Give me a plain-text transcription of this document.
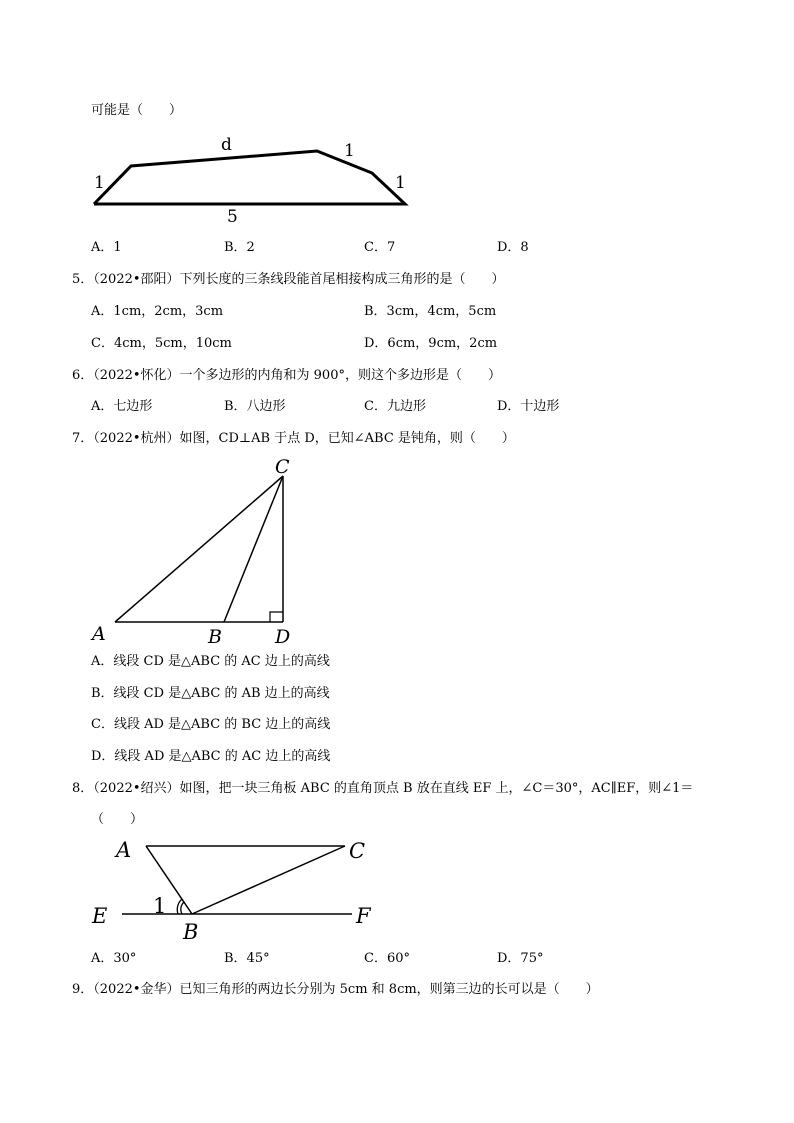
可能是（　　）
d
1
1
1
5
A．1	B．2	C．7	D．8
5．（2022•邵阳）下列长度的三条线段能首尾相接构成三角形的是（　　）
A．1cm，2cm，3cm	B．3cm，4cm，5cm
C．4cm，5cm，10cm	D．6cm，9cm，2cm
6．（2022•怀化）一个多边形的内角和为 900°，则这个多边形是（　　）
A．七边形	B．八边形	C．九边形	D．十边形
7．（2022•杭州）如图，CD⊥AB 于点 D，已知∠ABC 是钝角，则（　　）
C
A	B	D
A．线段 CD 是△ABC 的 AC 边上的高线
B．线段 CD 是△ABC 的 AB 边上的高线
C．线段 AD 是△ABC 的 BC 边上的高线
D．线段 AD 是△ABC 的 AC 边上的高线
8．（2022•绍兴）如图，把一块三角板 ABC 的直角顶点 B 放在直线 EF 上，∠C＝30°，AC∥EF，则∠1＝
（　　）
A	C
E	F
B
1
A．30°	B．45°	C．60°	D．75°
9．（2022•金华）已知三角形的两边长分别为 5cm 和 8cm，则第三边的长可以是（　　）
